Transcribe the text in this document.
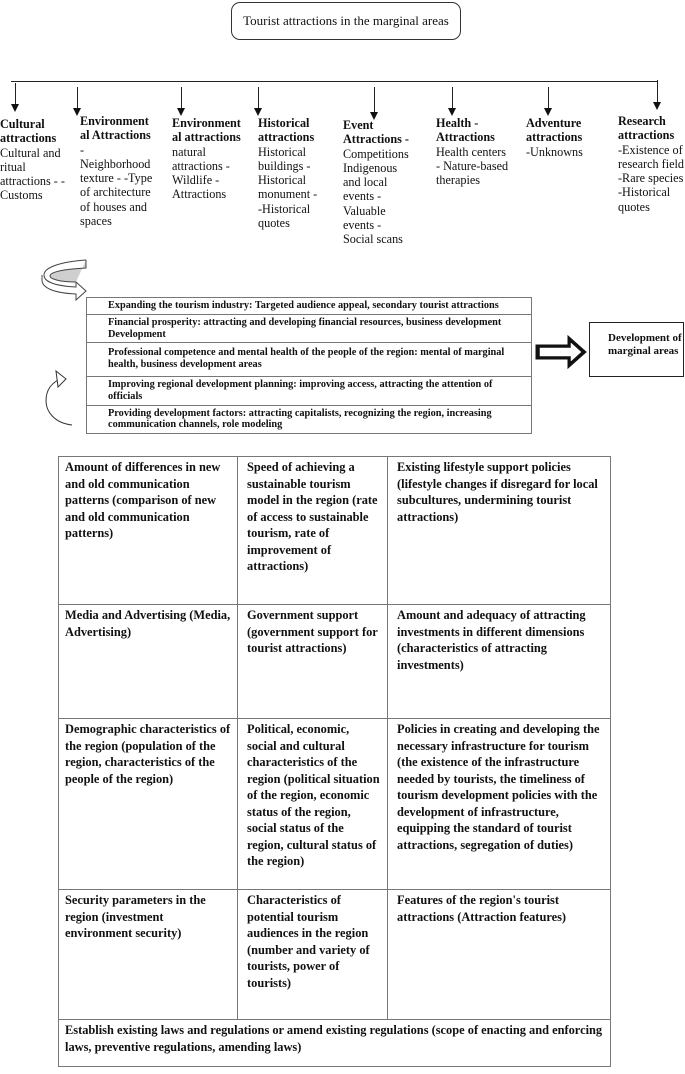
Tourist attractions in the marginal areas
Cultural attractions
Cultural and ritual attractions - -Customs
Environment al Attractions
- Neighborhood texture - -Type of architecture of houses and spaces
Environment al attractions
natural attractions - Wildlife - Attractions
Historical attractions
Historical buildings - Historical monument - -Historical quotes
Event Attractions -
Competitions Indigenous and local events - Valuable events - Social scans
Health - Attractions
Health centers - Nature-based therapies
Adventure attractions
-Unknowns
Research attractions
-Existence of research field -Rare species -Historical quotes
Expanding the tourism industry: Targeted audience appeal, secondary tourist attractions
Financial prosperity: attracting and developing financial resources, business development Development
Professional competence and mental health of the people of the region: mental of marginal health, business development areas
Improving regional development planning: improving access, attracting the attention of officials
Providing development factors: attracting capitalists, recognizing the region, increasing communication channels, role modeling
Development of marginal areas
Amount of differences in new and old communication patterns (comparison of new and old communication patterns)	Speed of achieving a sustainable tourism model in the region (rate of access to sustainable tourism, rate of improvement of attractions)	Existing lifestyle support policies (lifestyle changes if disregard for local subcultures, undermining tourist attractions)
Media and Advertising (Media, Advertising)	Government support (government support for tourist attractions)	Amount and adequacy of attracting investments in different dimensions (characteristics of attracting investments)
Demographic characteristics of the region (population of the region, characteristics of the people of the region)	Political, economic, social and cultural characteristics of the region (political situation of the region, economic status of the region, social status of the region, cultural status of the region)	Policies in creating and developing the necessary infrastructure for tourism (the existence of the infrastructure needed by tourists, the timeliness of tourism development policies with the development of infrastructure, equipping the standard of tourist attractions, segregation of duties)
Security parameters in the region (investment environment security)	Characteristics of potential tourism audiences in the region (number and variety of tourists, power of tourists)	Features of the region's tourist attractions (Attraction features)
Establish existing laws and regulations or amend existing regulations (scope of enacting and enforcing laws, preventive regulations, amending laws)		
